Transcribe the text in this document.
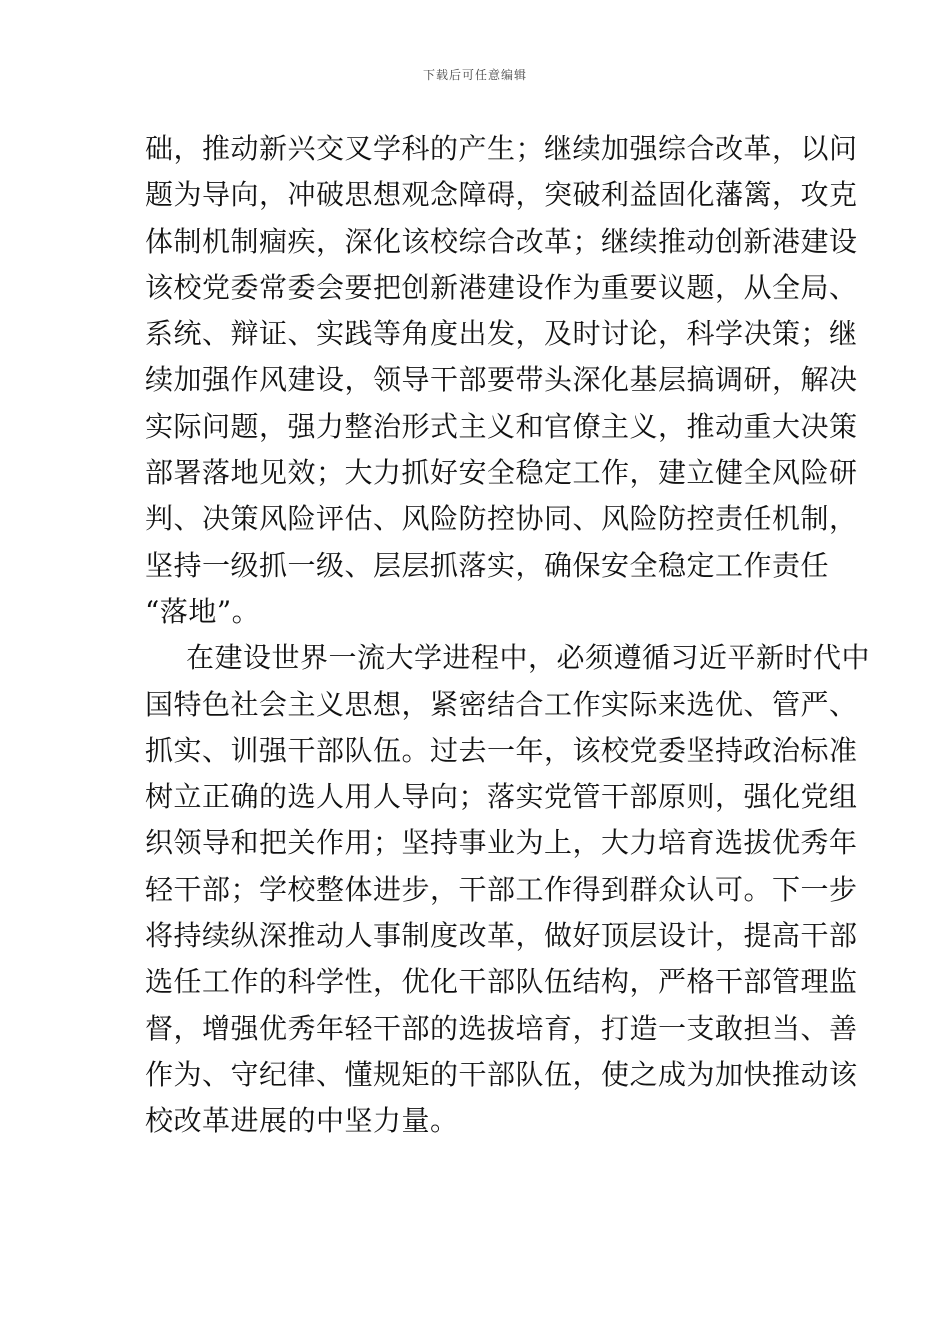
下载后可任意编辑
础，推动新兴交叉学科的产生；继续加强综合改革，以问
题为导向，冲破思想观念障碍，突破利益固化藩篱，攻克
体制机制痼疾，深化该校综合改革；继续推动创新港建设
该校党委常委会要把创新港建设作为重要议题，从全局、
系统、辩证、实践等角度出发，及时讨论，科学决策；继
续加强作风建设，领导干部要带头深化基层搞调研，解决
实际问题，强力整治形式主义和官僚主义，推动重大决策
部署落地见效；大力抓好安全稳定工作，建立健全风险研
判、决策风险评估、风险防控协同、风险防控责任机制，
坚持一级抓一级、层层抓落实，确保安全稳定工作责任
“落地”。
在建设世界一流大学进程中，必须遵循习近平新时代中
国特色社会主义思想，紧密结合工作实际来选优、管严、
抓实、训强干部队伍。过去一年，该校党委坚持政治标准
树立正确的选人用人导向；落实党管干部原则，强化党组
织领导和把关作用；坚持事业为上，大力培育选拔优秀年
轻干部；学校整体进步，干部工作得到群众认可。下一步
将持续纵深推动人事制度改革，做好顶层设计，提高干部
选任工作的科学性，优化干部队伍结构，严格干部管理监
督，增强优秀年轻干部的选拔培育，打造一支敢担当、善
作为、守纪律、懂规矩的干部队伍，使之成为加快推动该
校改革进展的中坚力量。
